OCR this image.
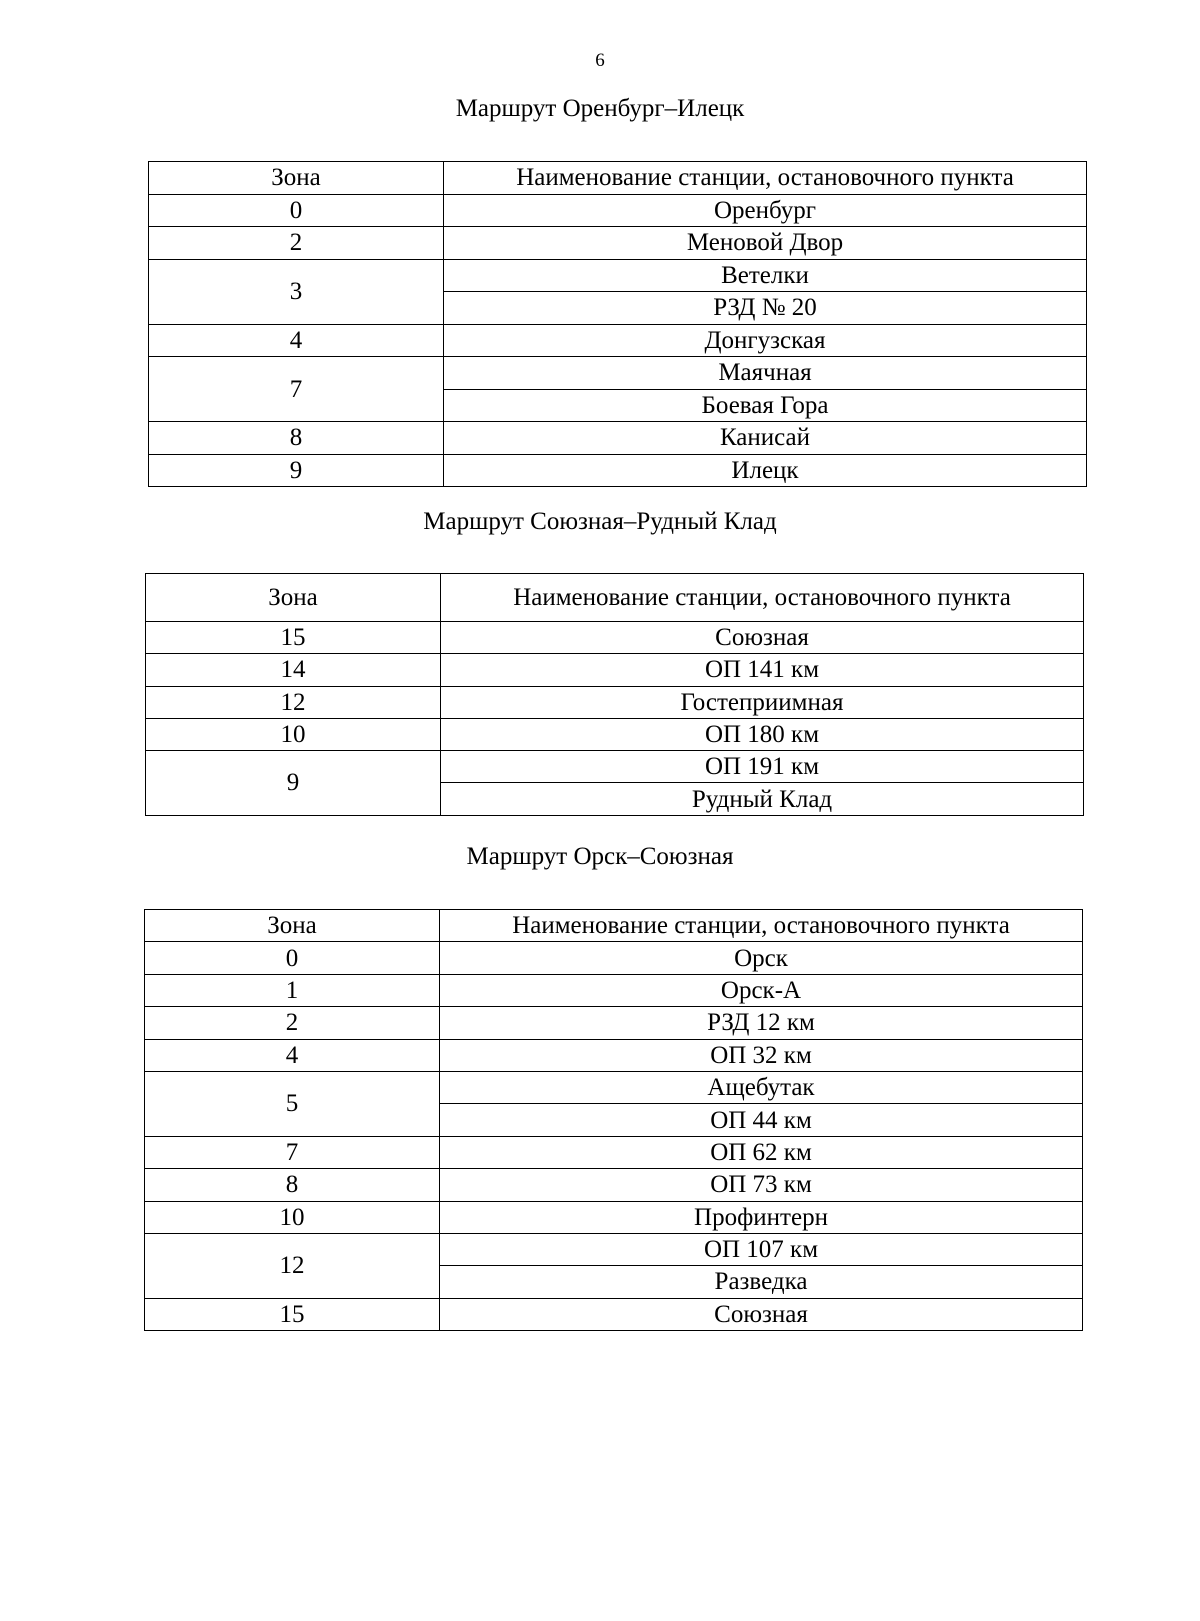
6
Маршрут Оренбург–Илецк
Зона	Наименование станции, остановочного пункта
0	Оренбург
2	Меновой Двор
3	Ветелки
	РЗД № 20
4	Донгузская
7	Маячная
	Боевая Гора
8	Канисай
9	Илецк
Маршрут Союзная–Рудный Клад
Зона	Наименование станции, остановочного пункта
15	Союзная
14	ОП 141 км
12	Гостеприимная
10	ОП 180 км
9	ОП 191 км
	Рудный Клад
Маршрут Орск–Союзная
Зона	Наименование станции, остановочного пункта
0	Орск
1	Орск-А
2	РЗД 12 км
4	ОП 32 км
5	Ащебутак
	ОП 44 км
7	ОП 62 км
8	ОП 73 км
10	Профинтерн
12	ОП 107 км
	Разведка
15	Союзная
